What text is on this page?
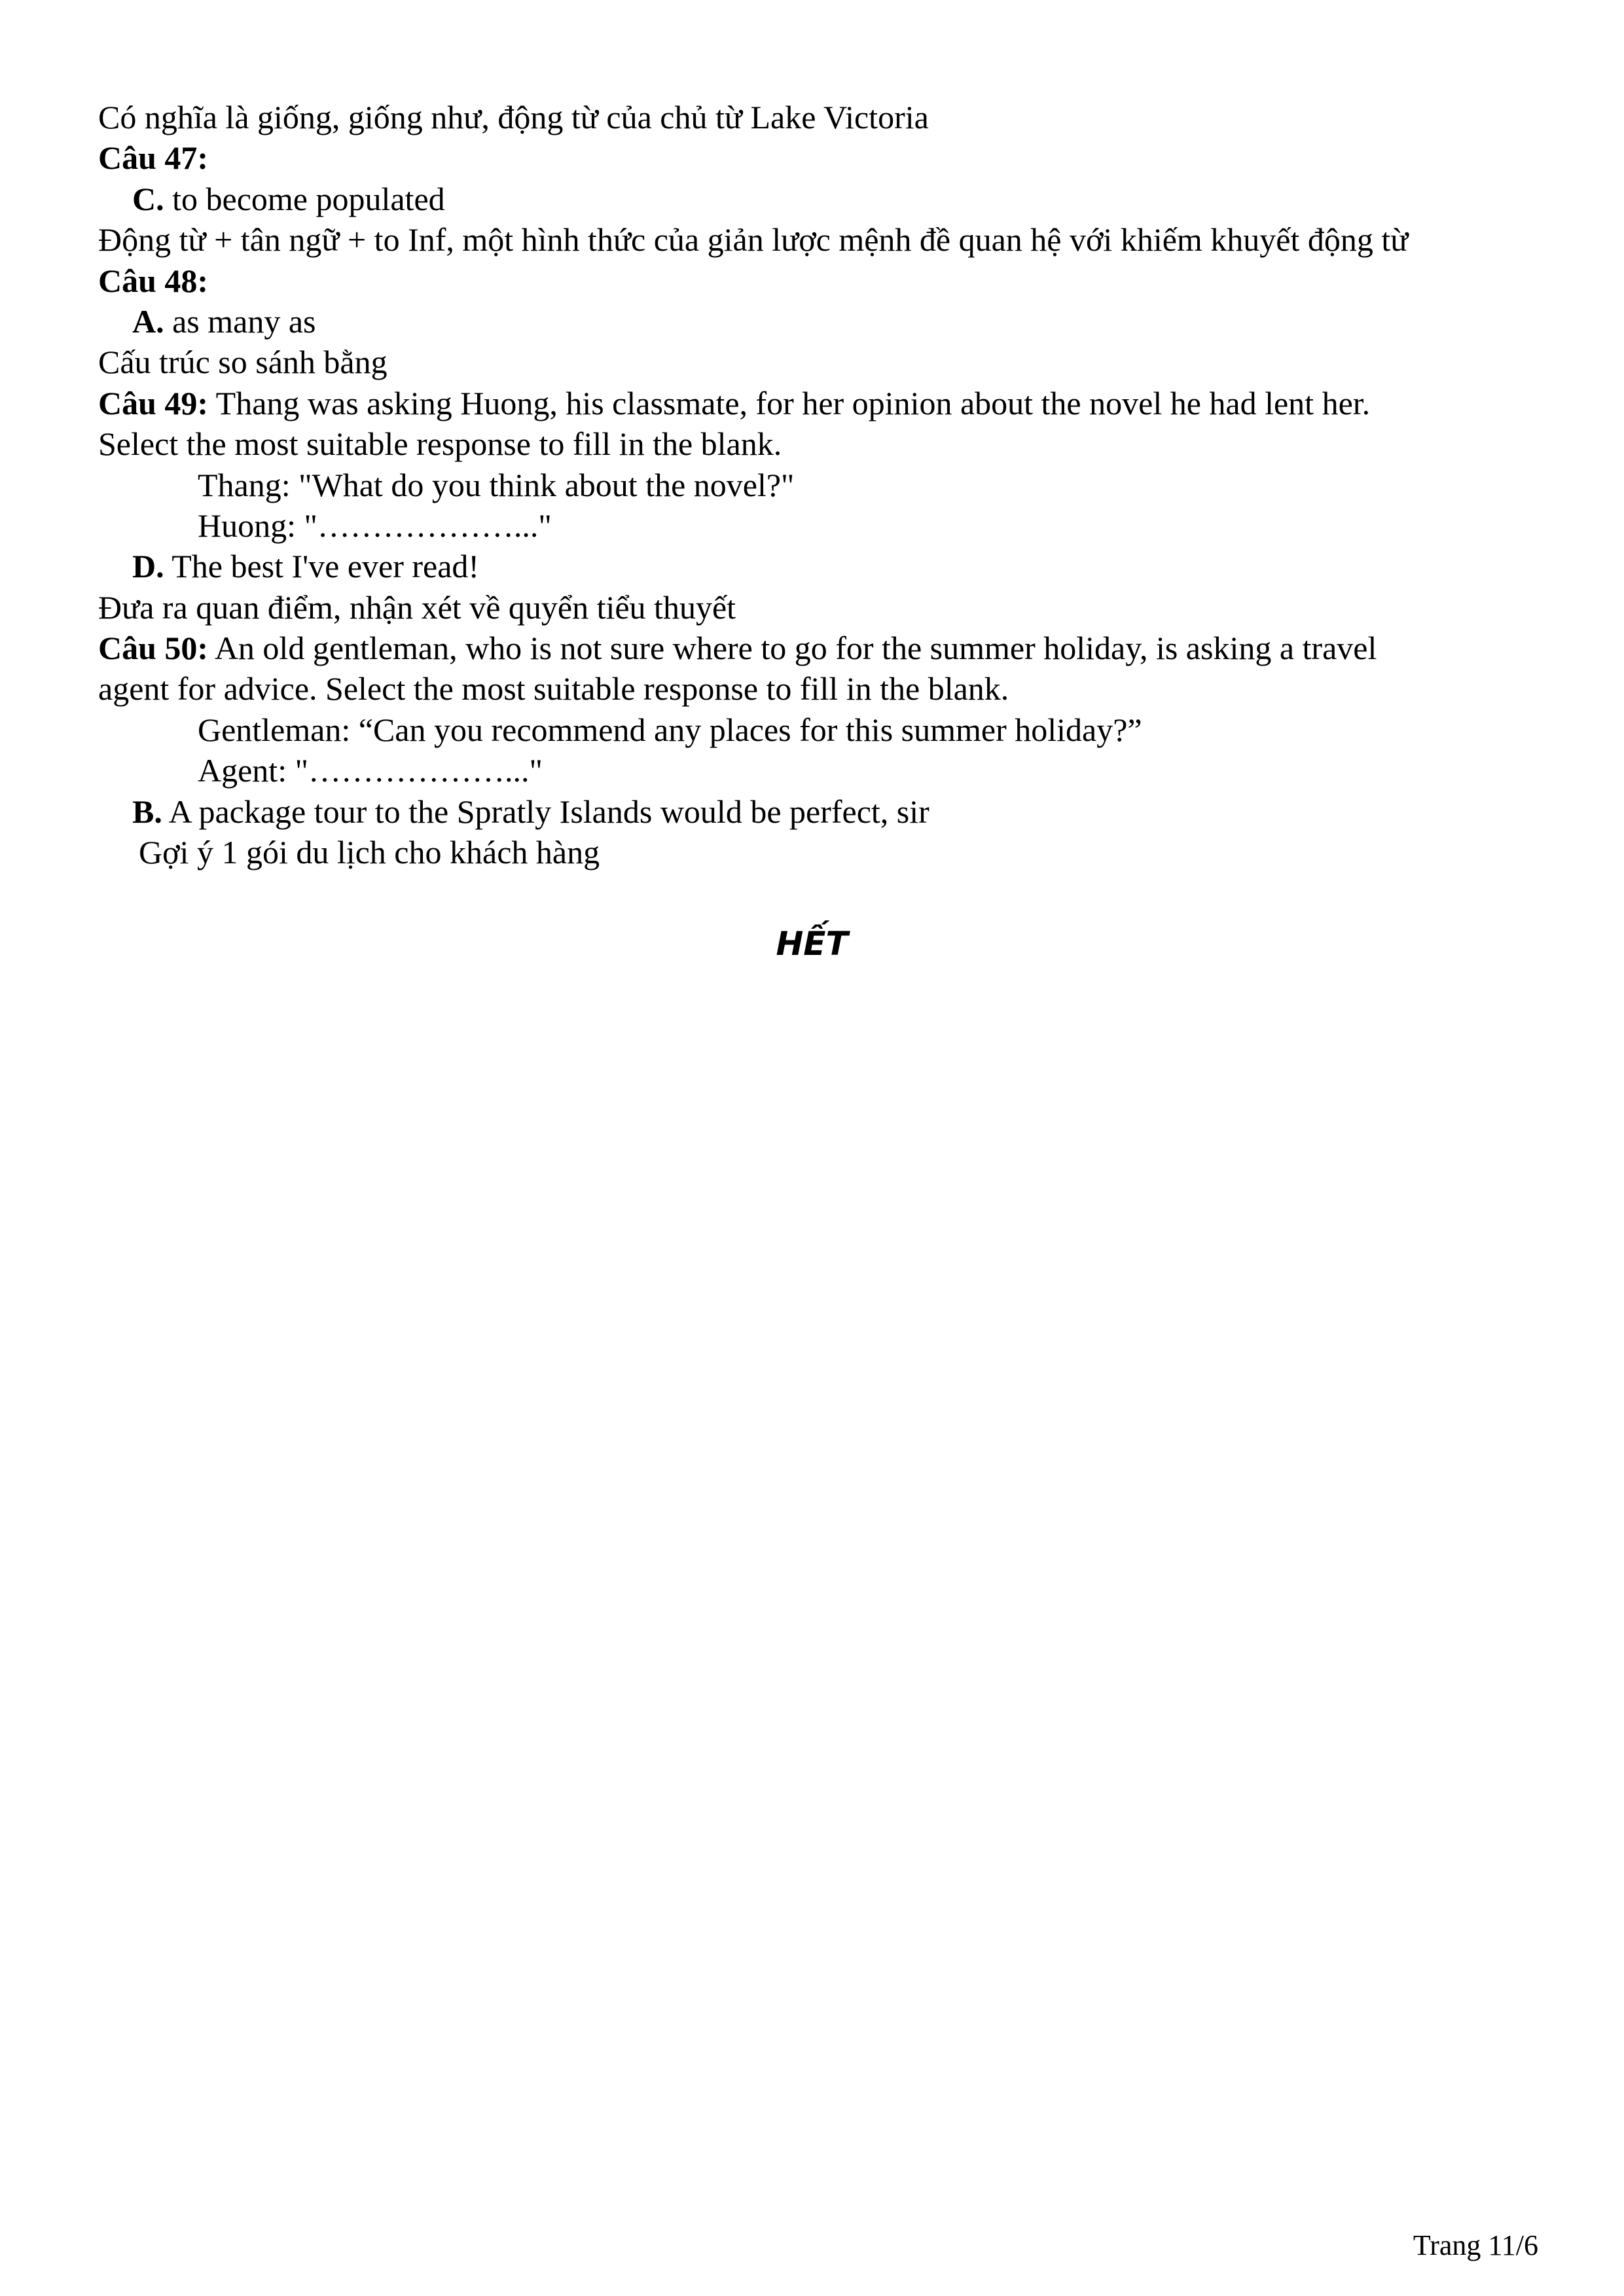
Có nghĩa là giống, giống như, động từ của chủ từ Lake Victoria
Câu 47:
C. to become populated
Động từ + tân ngữ + to Inf, một hình thức của giản lược mệnh đề quan hệ với khiếm khuyết động từ
Câu 48:
A. as many as
Cấu trúc so sánh bằng
Câu 49: Thang was asking Huong, his classmate, for her opinion about the novel he had lent her.
Select the most suitable response to fill in the blank.
Thang: "What do you think about the novel?"
Huong: "………………..."
D. The best I've ever read!
Đưa ra quan điểm, nhận xét về quyển tiểu thuyết
Câu 50: An old gentleman, who is not sure where to go for the summer holiday, is asking a travel
agent for advice. Select the most suitable response to fill in the blank.
Gentleman: “Can you recommend any places for this summer holiday?”
Agent: "………………..."
B. A package tour to the Spratly Islands would be perfect, sir
Gợi ý 1 gói du lịch cho khách hàng
HẾT
Trang 11/6
